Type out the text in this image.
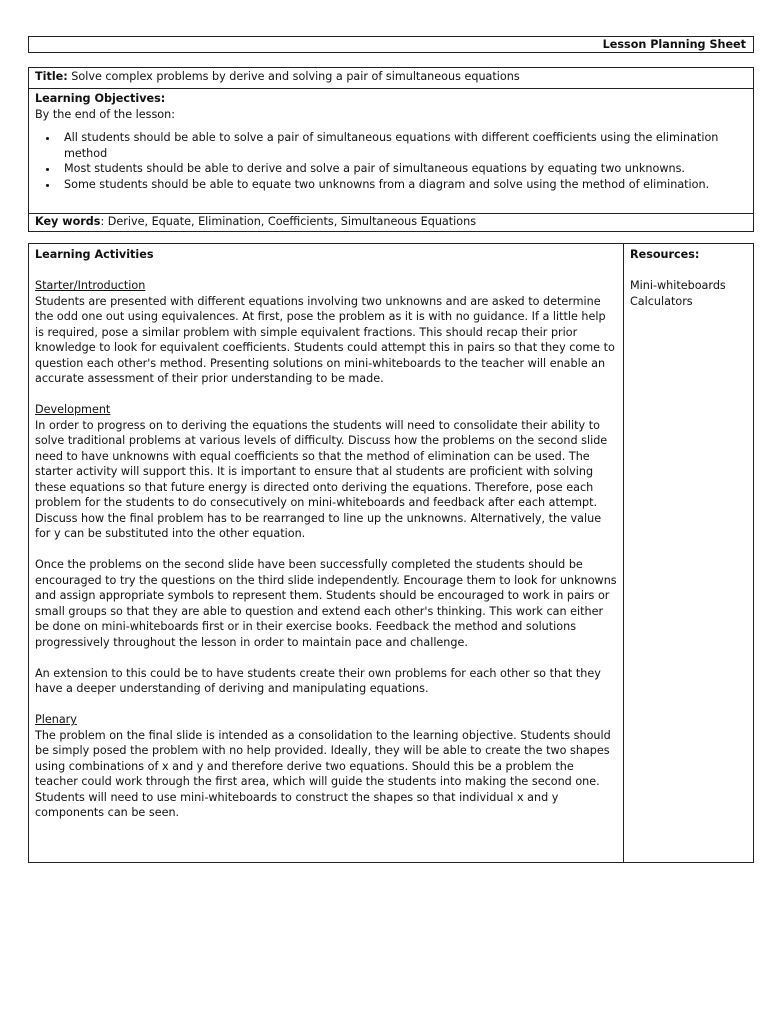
Lesson Planning Sheet
Title: Solve complex problems by derive and solving a pair of simultaneous equations
Learning Objectives:
By the end of the lesson:
• All students should be able to solve a pair of simultaneous equations with different coefficients using the elimination method
• Most students should be able to derive and solve a pair of simultaneous equations by equating two unknowns.
• Some students should be able to equate two unknowns from a diagram and solve using the method of elimination.
Key words: Derive, Equate, Elimination, Coefficients, Simultaneous Equations
Learning Activities
Starter/Introduction

Students are presented with different equations involving two unknowns and are asked to determine the odd one out using equivalences. At first, pose the problem as it is with no guidance. If a little help is required, pose a similar problem with simple equivalent fractions. This should recap their prior knowledge to look for equivalent coefficients. Students could attempt this in pairs so that they come to question each other's method. Presenting solutions on mini-whiteboards to the teacher will enable an accurate assessment of their prior understanding to be made.

Development

In order to progress on to deriving the equations the students will need to consolidate their ability to solve traditional problems at various levels of difficulty. Discuss how the problems on the second slide need to have unknowns with equal coefficients so that the method of elimination can be used. The starter activity will support this. It is important to ensure that al students are proficient with solving these equations so that future energy is directed onto deriving the equations. Therefore, pose each problem for the students to do consecutively on mini-whiteboards and feedback after each attempt. Discuss how the final problem has to be rearranged to line up the unknowns. Alternatively, the value for y can be substituted into the other equation.

Once the problems on the second slide have been successfully completed the students should be encouraged to try the questions on the third slide independently. Encourage them to look for unknowns and assign appropriate symbols to represent them. Students should be encouraged to work in pairs or small groups so that they are able to question and extend each other's thinking. This work can either be done on mini-whiteboards first or in their exercise books. Feedback the method and solutions progressively throughout the lesson in order to maintain pace and challenge.

An extension to this could be to have students create their own problems for each other so that they have a deeper understanding of deriving and manipulating equations.

Plenary

The problem on the final slide is intended as a consolidation to the learning objective. Students should be simply posed the problem with no help provided. Ideally, they will be able to create the two shapes using combinations of x and y and therefore derive two equations. Should this be a problem the teacher could work through the first area, which will guide the students into making the second one. Students will need to use mini-whiteboards to construct the shapes so that individual x and y components can be seen.

Resources:
Mini-whiteboards
Calculators
